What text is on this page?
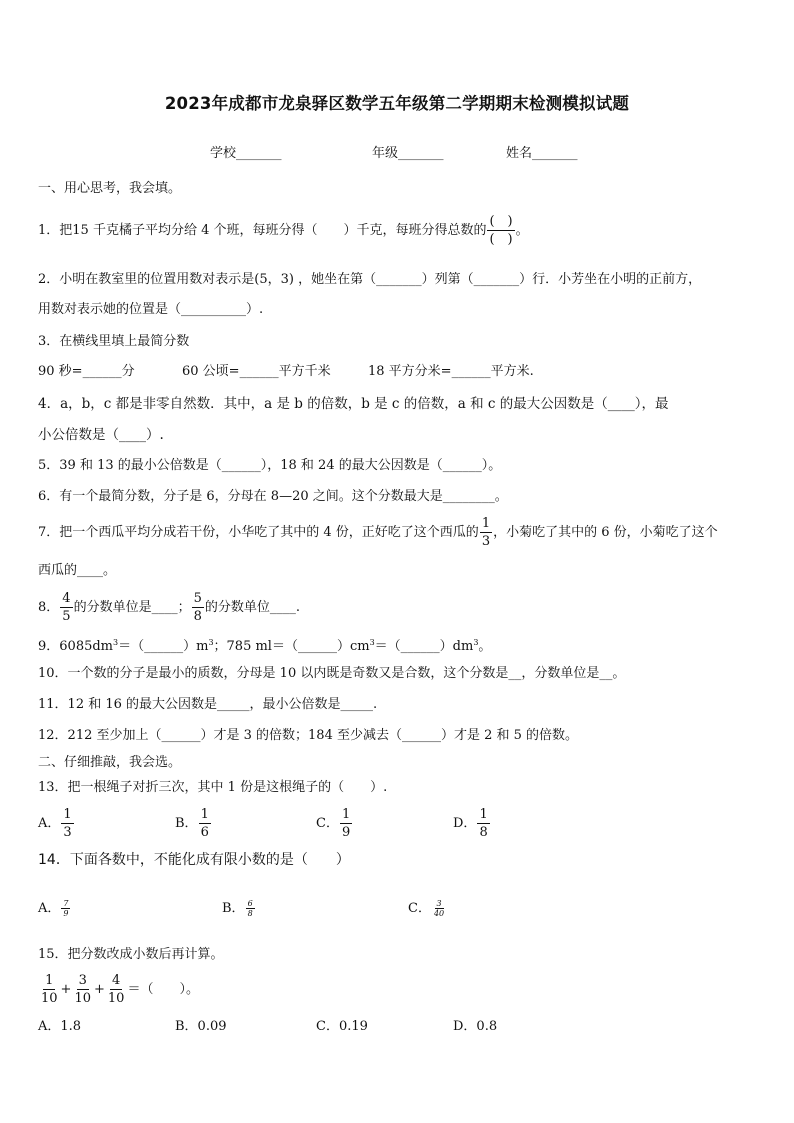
2023年成都市龙泉驿区数学五年级第二学期期末检测模拟试题
学校_______	年级_______	姓名_______
一、用心思考，我会填。
1．把15 千克橘子平均分给 4 个班，每班分得（　　）千克，每班分得总数的
(　)
(　)
。
2．小明在教室里的位置用数对表示是(5，3) ，她坐在第（_______）列第（_______）行．小芳坐在小明的正前方，
用数对表示她的位置是（__________）.
3．在横线里填上最简分数
90 秒=______分	60 公顷=______平方千米	18 平方分米=______平方米.
4．a，b，c 都是非零自然数．其中，a 是 b 的倍数，b 是 c 的倍数，a 和 c 的最大公因数是（____），最
小公倍数是（____）.
5．39 和 13 的最小公倍数是（______），18 和 24 的最大公因数是（______）。
6．有一个最简分数，分子是 6，分母在 8—20 之间。这个分数最大是________。
7．把一个西瓜平均分成若干份，小华吃了其中的 4 份，正好吃了这个西瓜的 $\frac{1}{3}$ ，小菊吃了其中的 6 份，小菊吃了这个
西瓜的____。
8． $\frac{4}{5}$ 的分数单位是____； $\frac{5}{8}$ 的分数单位____.
9．$6085dm^3=(\_\_\_\_\_\_)m^3$；785 $ml=(\_\_\_\_\_\_)cm^3=(\_\_\_\_\_\_)dm^3$。
10．一个数的分子是最小的质数，分母是 10 以内既是奇数又是合数，这个分数是__，分数单位是__。
11．12 和 16 的最大公因数是_____，最小公倍数是_____.
12．212 至少加上（______）才是 3 的倍数；184 至少减去（______）才是 2 和 5 的倍数。
二、仔细推敲，我会选。
13．把一根绳子对折三次，其中 1 份是这根绳子的（　　）.
A． $\frac{1}{3}$	B． $\frac{1}{6}$	C． $\frac{1}{9}$	D． $\frac{1}{8}$
14．下面各数中，不能化成有限小数的是（　　）
A． $\frac{7}{9}$	B． $\frac{6}{8}$	C． $\frac{3}{40}$
15．把分数改成小数后再计算。
$\frac{1}{10} + \frac{3}{10} + \frac{4}{10}$ ＝（　　）。
A．1.8	B．0.09	C．0.19	D．0.8
